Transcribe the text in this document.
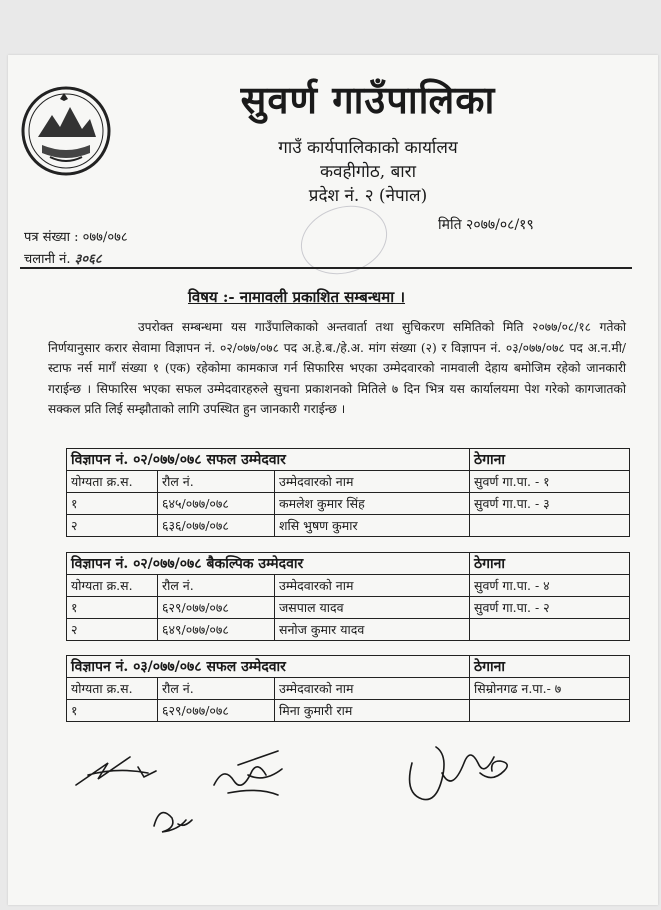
सुवर्ण गाउँपालिका
गाउँ कार्यपालिकाको कार्यालय
कवहीगोठ, बारा
प्रदेश नं. २ (नेपाल)
पत्र संख्या : ०७७/०७८
चलानी नं. ३०६८
मिति २०७७/०८/१९
विषय :- नामावली प्रकाशित सम्बन्धमा ।
उपरोक्त सम्बन्धमा यस गाउँपालिकाको अन्तवार्ता तथा सुचिकरण समितिको मिति २०७७/०८/१८ गतेको निर्णयानुसार करार सेवामा विज्ञापन नं. ०२/०७७/०७८ पद अ.हे.ब./हे.अ. मांग संख्या (२) र विज्ञापन नं. ०३/०७७/०७८ पद अ.न.मी/स्टाफ नर्स मागँ संख्या १ (एक) रहेकोमा कामकाज गर्न सिफारिस भएका उम्मेदवारको नामवाली देहाय बमोजिम रहेको जानकारी गराईन्छ । सिफारिस भएका सफल उम्मेदवारहरुले सुचना प्रकाशनको मितिले ७ दिन भित्र यस कार्यालयमा पेश गरेको कागजातको सक्कल प्रति लिई सम्झौताको लागि उपस्थित हुन जानकारी गराईन्छ ।
विज्ञापन नं. ०२/०७७/०७८ सफल उम्मेदवार			ठेगाना
योग्यता क्र.स.	रौल नं.	उम्मेदवारको नाम	सुवर्ण गा.पा. - १
१	६४५/०७७/०७८	कमलेश कुमार सिंह	सुवर्ण गा.पा. - ३
२	६३६/०७७/०७८	शसि भुषण कुमार	
विज्ञापन नं. ०२/०७७/०७८ बैकल्पिक उम्मेदवार			ठेगाना
योग्यता क्र.स.	रौल नं.	उम्मेदवारको नाम	सुवर्ण गा.पा. - ४
१	६२९/०७७/०७८	जसपाल यादव	सुवर्ण गा.पा. - २
२	६४९/०७७/०७८	सनोज कुमार यादव	
विज्ञापन नं. ०३/०७७/०७८ सफल उम्मेदवार			ठेगाना
योग्यता क्र.स.	रौल नं.	उम्मेदवारको नाम	सिम्रोनगढ न.पा.- ७
१	६२९/०७७/०७८	मिना कुमारी राम	
